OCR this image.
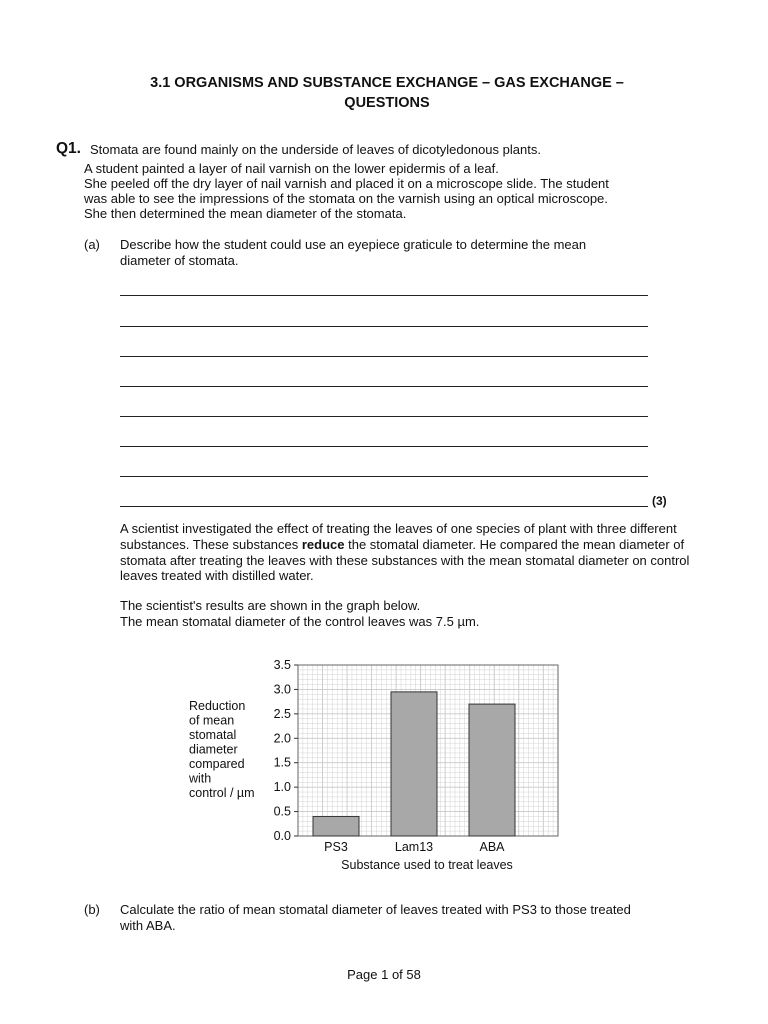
3.1 ORGANISMS AND SUBSTANCE EXCHANGE – GAS EXCHANGE –
QUESTIONS
Q1. Stomata are found mainly on the underside of leaves of dicotyledonous plants.
A student painted a layer of nail varnish on the lower epidermis of a leaf.
She peeled off the dry layer of nail varnish and placed it on a microscope slide. The student
was able to see the impressions of the stomata on the varnish using an optical microscope.
She then determined the mean diameter of the stomata.
(a) Describe how the student could use an eyepiece graticule to determine the mean
diameter of stomata.
(3)
A scientist investigated the effect of treating the leaves of one species of plant with three different substances. These substances reduce the stomatal diameter. He compared the mean diameter of stomata after treating the leaves with these substances with the mean stomatal diameter on control leaves treated with distilled water.
The scientist's results are shown in the graph below.
The mean stomatal diameter of the control leaves was 7.5 µm.
Reduction
of mean
stomatal
diameter
compared
with
control / µm
0.0
0.5
1.0
1.5
2.0
2.5
3.0
3.5
PS3	Lam13	ABA
Substance used to treat leaves
(b) Calculate the ratio of mean stomatal diameter of leaves treated with PS3 to those treated
with ABA.
Page 1 of 58
